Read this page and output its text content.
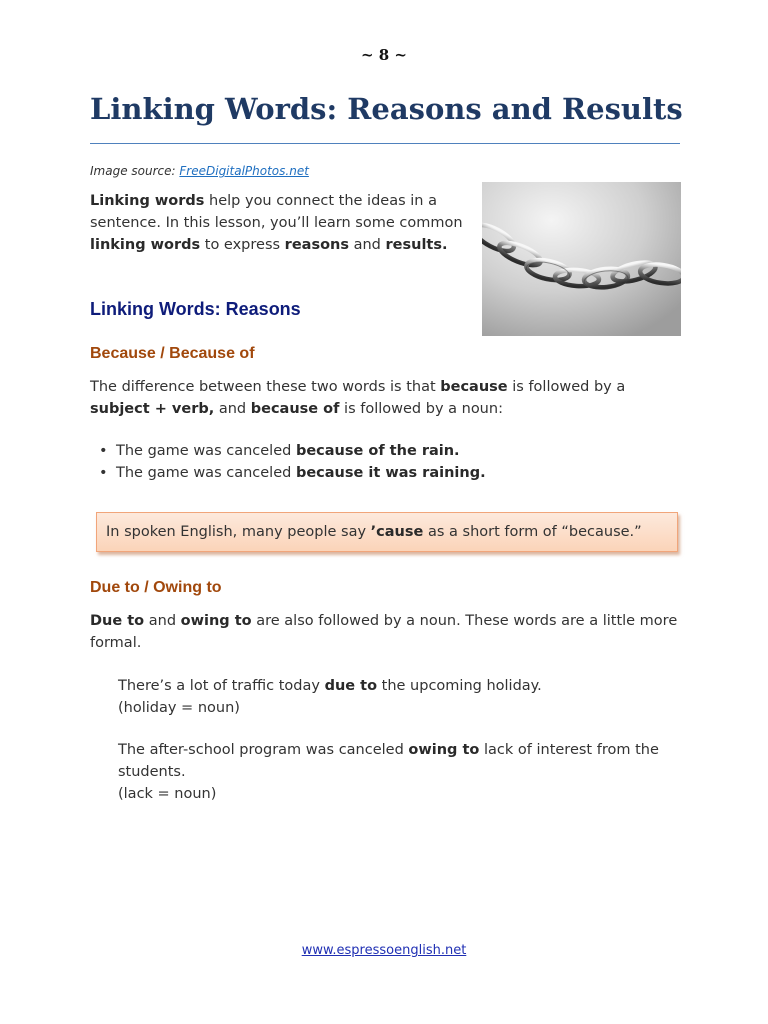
~ 8 ~
Linking Words: Reasons and Results
Image source: FreeDigitalPhotos.net
Linking words help you connect the ideas in a sentence. In this lesson, you’ll learn some common linking words to express reasons and results.
Linking Words: Reasons
Because / Because of
The difference between these two words is that because is followed by a subject + verb, and because of is followed by a noun:
• The game was canceled because of the rain.
• The game was canceled because it was raining.
In spoken English, many people say ’cause as a short form of “because.”
Due to / Owing to
Due to and owing to are also followed by a noun. These words are a little more formal.
There’s a lot of traffic today due to the upcoming holiday.
(holiday = noun)
The after-school program was canceled owing to lack of interest from the students.
(lack = noun)
www.espressoenglish.net
